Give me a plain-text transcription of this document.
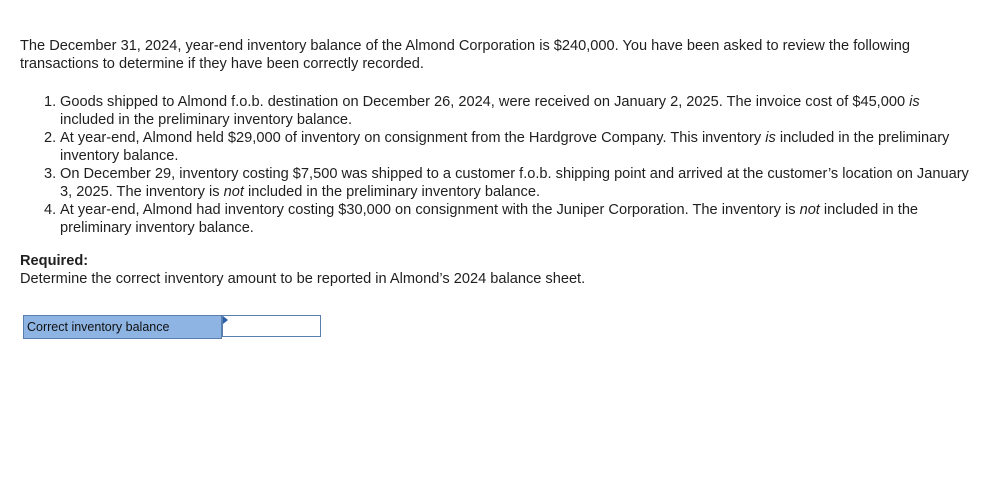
The December 31, 2024, year-end inventory balance of the Almond Corporation is $240,000. You have been asked to review the following transactions to determine if they have been correctly recorded.

1. Goods shipped to Almond f.o.b. destination on December 26, 2024, were received on January 2, 2025. The invoice cost of $45,000 is included in the preliminary inventory balance.
2. At year-end, Almond held $29,000 of inventory on consignment from the Hardgrove Company. This inventory is included in the preliminary inventory balance.
3. On December 29, inventory costing $7,500 was shipped to a customer f.o.b. shipping point and arrived at the customer’s location on January 3, 2025. The inventory is not included in the preliminary inventory balance.
4. At year-end, Almond had inventory costing $30,000 on consignment with the Juniper Corporation. The inventory is not included in the preliminary inventory balance.

Required:

Determine the correct inventory amount to be reported in Almond’s 2024 balance sheet.

Correct inventory balance
